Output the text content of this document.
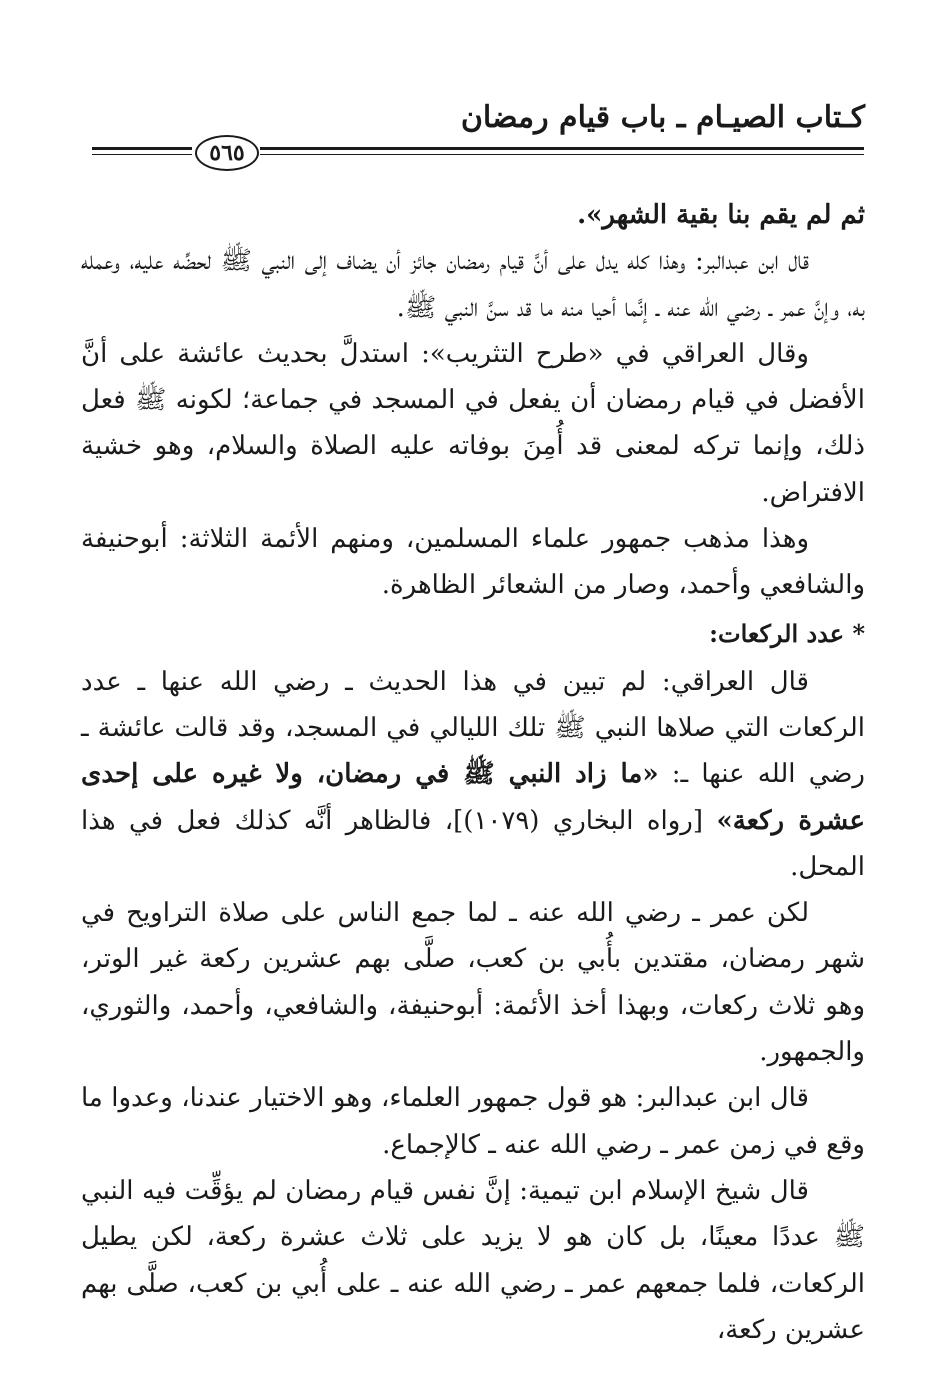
كـتاب الصيـام ـ باب قيام رمضان
٥٦٥

ثم لم يقم بنا بقية الشهر».

قال ابن عبدالبر: وهذا كله يدل على أنَّ قيام رمضان جائز أن يضاف إلى النبي ﷺ لحضِّه عليه، وعمله به، وإنَّ عمر ـ رضي الله عنه ـ إنَّما أحيا منه ما قد سنَّ النبي ﷺ.

وقال العراقي في «طرح التثريب»: استدلَّ بحديث عائشة على أنَّ الأفضل في قيام رمضان أن يفعل في المسجد في جماعة؛ لكونه ﷺ فعل ذلك، وإنما تركه لمعنى قد أُمِنَ بوفاته عليه الصلاة والسلام، وهو خشية الافتراض.

وهذا مذهب جمهور علماء المسلمين، ومنهم الأئمة الثلاثة: أبوحنيفة والشافعي وأحمد، وصار من الشعائر الظاهرة.

* عدد الركعات:

قال العراقي: لم تبين في هذا الحديث ـ رضي الله عنها ـ عدد الركعات التي صلاها النبي ﷺ تلك الليالي في المسجد، وقد قالت عائشة ـ رضي الله عنها ـ: «ما زاد النبي ﷺ في رمضان، ولا غيره على إحدى عشرة ركعة» [رواه البخاري (١٠٧٩)]، فالظاهر أنَّه كذلك فعل في هذا المحل.

لكن عمر ـ رضي الله عنه ـ لما جمع الناس على صلاة التراويح في شهر رمضان، مقتدين بأُبي بن كعب، صلَّى بهم عشرين ركعة غير الوتر، وهو ثلاث ركعات، وبهذا أخذ الأئمة: أبوحنيفة، والشافعي، وأحمد، والثوري، والجمهور.

قال ابن عبدالبر: هو قول جمهور العلماء، وهو الاختيار عندنا، وعدوا ما وقع في زمن عمر ـ رضي الله عنه ـ كالإجماع.

قال شيخ الإسلام ابن تيمية: إنَّ نفس قيام رمضان لم يؤقِّت فيه النبي ﷺ عددًا معينًا، بل كان هو لا يزيد على ثلاث عشرة ركعة، لكن يطيل الركعات، فلما جمعهم عمر ـ رضي الله عنه ـ على أُبي بن كعب، صلَّى بهم عشرين ركعة،
